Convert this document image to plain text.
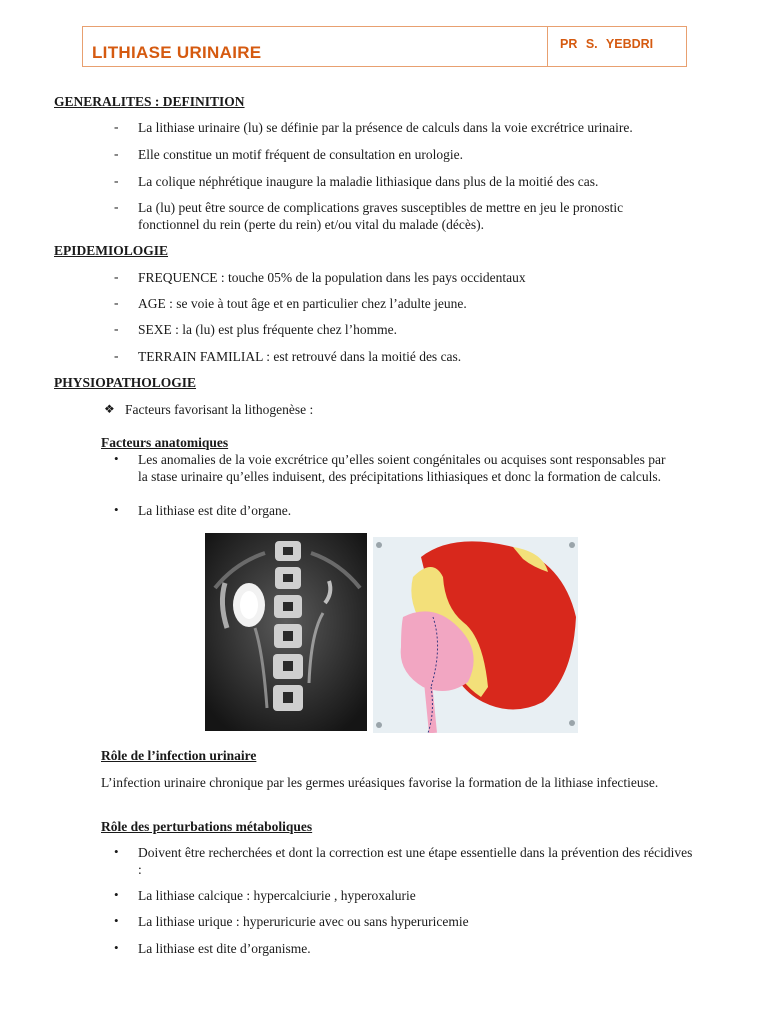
LITHIASE URINAIRE	PR S. YEBDRI
GENERALITES : DEFINITION
- La lithiase urinaire (lu) se définie par la présence de calculs dans la voie excrétrice urinaire.
- Elle constitue un motif fréquent de consultation en urologie.
- La colique néphrétique inaugure la maladie lithiasique dans plus de la moitié des cas.
- La (lu) peut être source de complications graves susceptibles de mettre en jeu le pronostic fonctionnel du rein (perte du rein) et/ou vital du malade (décès).
EPIDEMIOLOGIE
- FREQUENCE : touche 05% de la population dans les pays occidentaux
- AGE : se voie à tout âge et en particulier chez l’adulte jeune.
- SEXE : la (lu) est plus fréquente chez l’homme.
- TERRAIN FAMILIAL : est retrouvé dans la moitié des cas.
PHYSIOPATHOLOGIE
❖ Facteurs favorisant la lithogenèse :
Facteurs anatomiques
• Les anomalies de la voie excrétrice qu’elles soient congénitales ou acquises sont responsables par la stase urinaire qu’elles induisent, des précipitations lithiasiques et donc la formation de calculs.
• La lithiase est dite d’organe.
Rôle de l’infection urinaire
L’infection urinaire chronique par les germes uréasiques favorise la formation de la lithiase infectieuse.
Rôle des perturbations métaboliques
• Doivent être recherchées et dont la correction est une étape essentielle dans la prévention des récidives :
• La lithiase calcique : hypercalciurie , hyperoxalurie
• La lithiase urique : hyperuricurie avec ou sans hyperuricemie
• La lithiase est dite d’organisme.
